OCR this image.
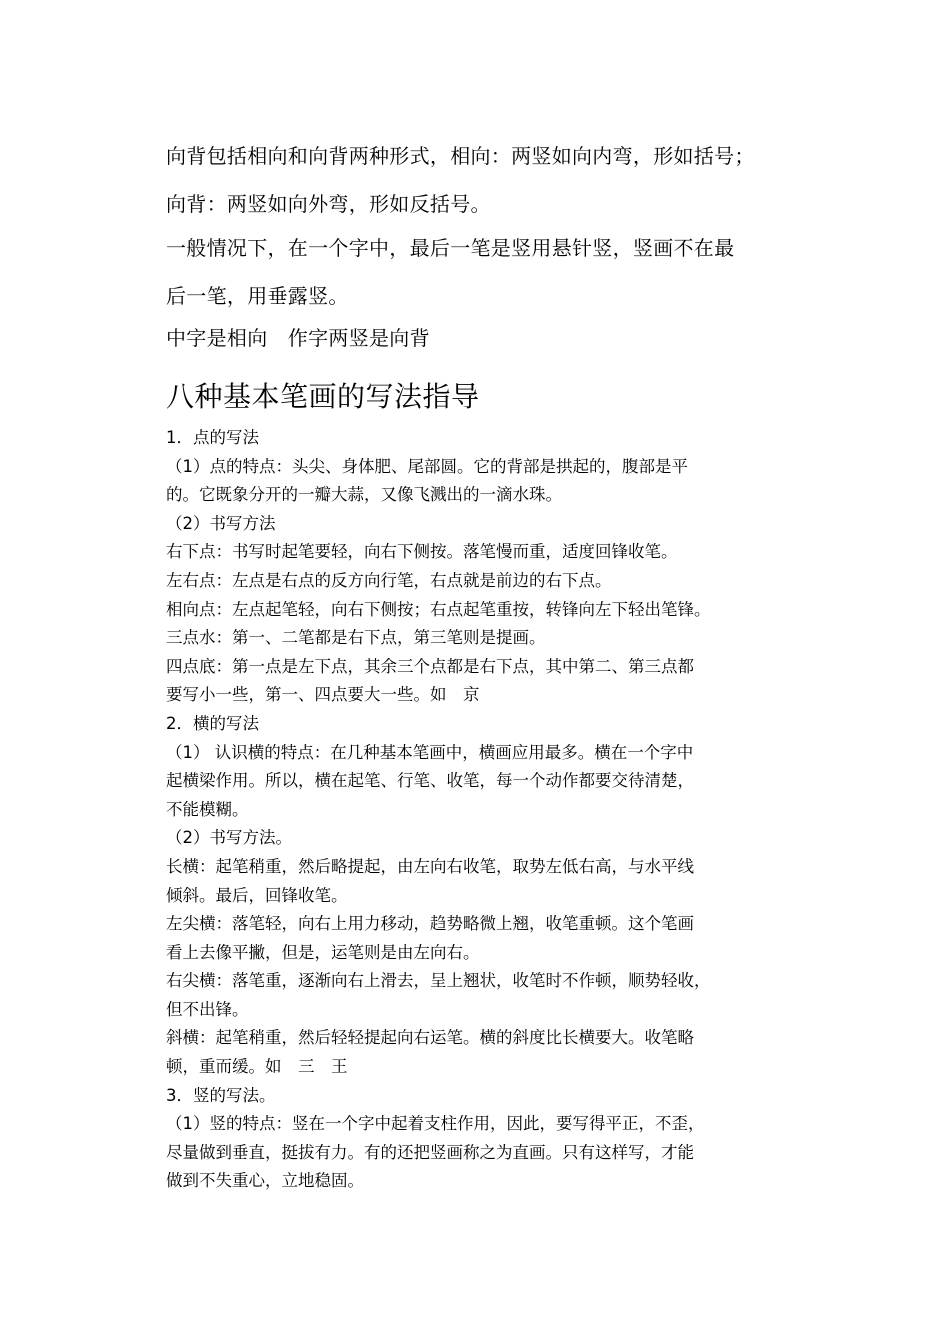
向背包括相向和向背两种形式，相向：两竖如向内弯，形如括号；
向背：两竖如向外弯，形如反括号。
一般情况下，在一个字中，最后一笔是竖用悬针竖，竖画不在最
后一笔，用垂露竖。
中字是相向　作字两竖是向背
八种基本笔画的写法指导
1．点的写法
（1）点的特点：头尖、身体肥、尾部圆。它的背部是拱起的，腹部是平
的。它既象分开的一瓣大蒜，又像飞溅出的一滴水珠。
（2）书写方法
右下点：书写时起笔要轻，向右下侧按。落笔慢而重，适度回锋收笔。
左右点：左点是右点的反方向行笔，右点就是前边的右下点。
相向点：左点起笔轻，向右下侧按；右点起笔重按，转锋向左下轻出笔锋。
三点水：第一、二笔都是右下点，第三笔则是提画。
四点底：第一点是左下点，其余三个点都是右下点，其中第二、第三点都
要写小一些，第一、四点要大一些。如　京
2．横的写法
（1） 认识横的特点：在几种基本笔画中，横画应用最多。横在一个字中
起横梁作用。所以，横在起笔、行笔、收笔，每一个动作都要交待清楚，
不能模糊。
（2）书写方法。
长横：起笔稍重，然后略提起，由左向右收笔，取势左低右高，与水平线
倾斜。最后，回锋收笔。
左尖横：落笔轻，向右上用力移动，趋势略微上翘，收笔重顿。这个笔画
看上去像平撇，但是，运笔则是由左向右。
右尖横：落笔重，逐渐向右上滑去，呈上翘状，收笔时不作顿，顺势轻收，
但不出锋。
斜横：起笔稍重，然后轻轻提起向右运笔。横的斜度比长横要大。收笔略
顿，重而缓。如　三　王
3．竖的写法。
（1）竖的特点：竖在一个字中起着支柱作用，因此，要写得平正，不歪，
尽量做到垂直，挺拔有力。有的还把竖画称之为直画。只有这样写，才能
做到不失重心，立地稳固。
